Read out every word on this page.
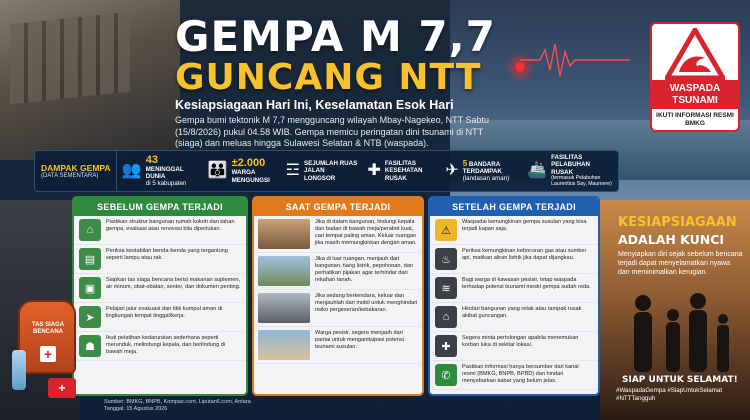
GEMPA M 7,7
GUNCANG NTT
Kesiapsiagaan Hari Ini, Keselamatan Esok Hari
Gempa bumi tektonik M 7,7 mengguncang wilayah Mbay-Nagekeo, NTT Sabtu (15/8/2026) pukul 04.58 WIB. Gempa memicu peringatan dini tsunami di NTT (siaga) dan meluas hingga Sulawesi Selatan & NTB (waspada).
WASPADA
TSUNAMI
IKUTI INFORMASI RESMI BMKG
DAMPAK GEMPA
(DATA SEMENTARA)	👥
43
MENINGGAL DUNIA
di 5 kabupaten
👪 ±2.000
WARGA
MENGUNGSI
☲ SEJUMLAH RUAS JALAN
LONGSOR	✚ FASILITAS KESEHATAN
RUSAK	✈ 5 BANDARA TERDAMPAK
(landasan aman)	🚢
FASILITAS PELABUHAN RUSAK
(termasuk Pelabuhan Laurentius Say, Maumere)
SEBELUM GEMPA TERJADI
⌂
Pastikan struktur bangunan rumah kokoh dan tahan gempa, evaluasi atau renovasi bila diperlukan.
▤
Periksa kestabilan benda-benda yang tergantung seperti lampu atau rak.
▣
Siapkan tas siaga bencana berisi makanan suplemen, air minum, obat-obatan, senter, dan dokumen penting.
➤
Pelajari jalur evakuasi dan titik kumpul aman di lingkungan tempat tinggal/kerja.
☗
Ikuti pelatihan kedaruratan sederhana seperti merunduk, melindungi kepala, dan berlindung di bawah meja.
SAAT GEMPA TERJADI
Jika di dalam bangunan, lindungi kepala dan badan di bawah meja/perabot kuat, cari tempat paling aman. Keluar ruangan jika masih memungkinkan dengan aman.
Jika di luar ruangan, menjauh dari bangunan, tiang listrik, pepohonan, dan perhatikan pijakan agar terhindar dari rekahan tanah.
Jika sedang berkendara, keluar dan menjauhlah dari mobil untuk menghindari risiko pergeseran/kebakaran.
Warga pesisir, segera menjauh dari pantai untuk mengantisipasi potensi tsunami susulan.
SETELAH GEMPA TERJADI
⚠
Waspadai kemungkinan gempa susulan yang bisa terjadi kapan saja.
♨
Periksa kemungkinan kebocoran gas atau sumber api, matikan aliran listrik jika dapat dijangkau.
≋
Bagi warga di kawasan pesisir, tetap waspada terhadap potensi tsunami meski gempa sudah reda.
⌂
Hindari bangunan yang retak atau tampak rusak akibat guncangan.
✚
Segera minta pertolongan apabila menemukan korban luka di sekitar lokasi.
✆
Pastikan informasi hanya bersumber dari kanal resmi (BMKG, BNPB, BPBD) dan hindari menyebarkan kabar yang belum jelas.
KESIAPSIAGAAN
ADALAH KUNCI
Menyiapkan diri sejak sebelum bencana terjadi dapat menyelamatkan nyawa dan meminimalkan kerugian.
SIAP UNTUK SELAMAT!
#WaspadaGempa #SiapUntukSelamat #NTTTangguh
TAS SIAGA BENCANA
+
+
Sumber: BMKG, BNPB, Kompas.com, Liputan6.com, Antara
Tanggal: 15 Agustus 2026
